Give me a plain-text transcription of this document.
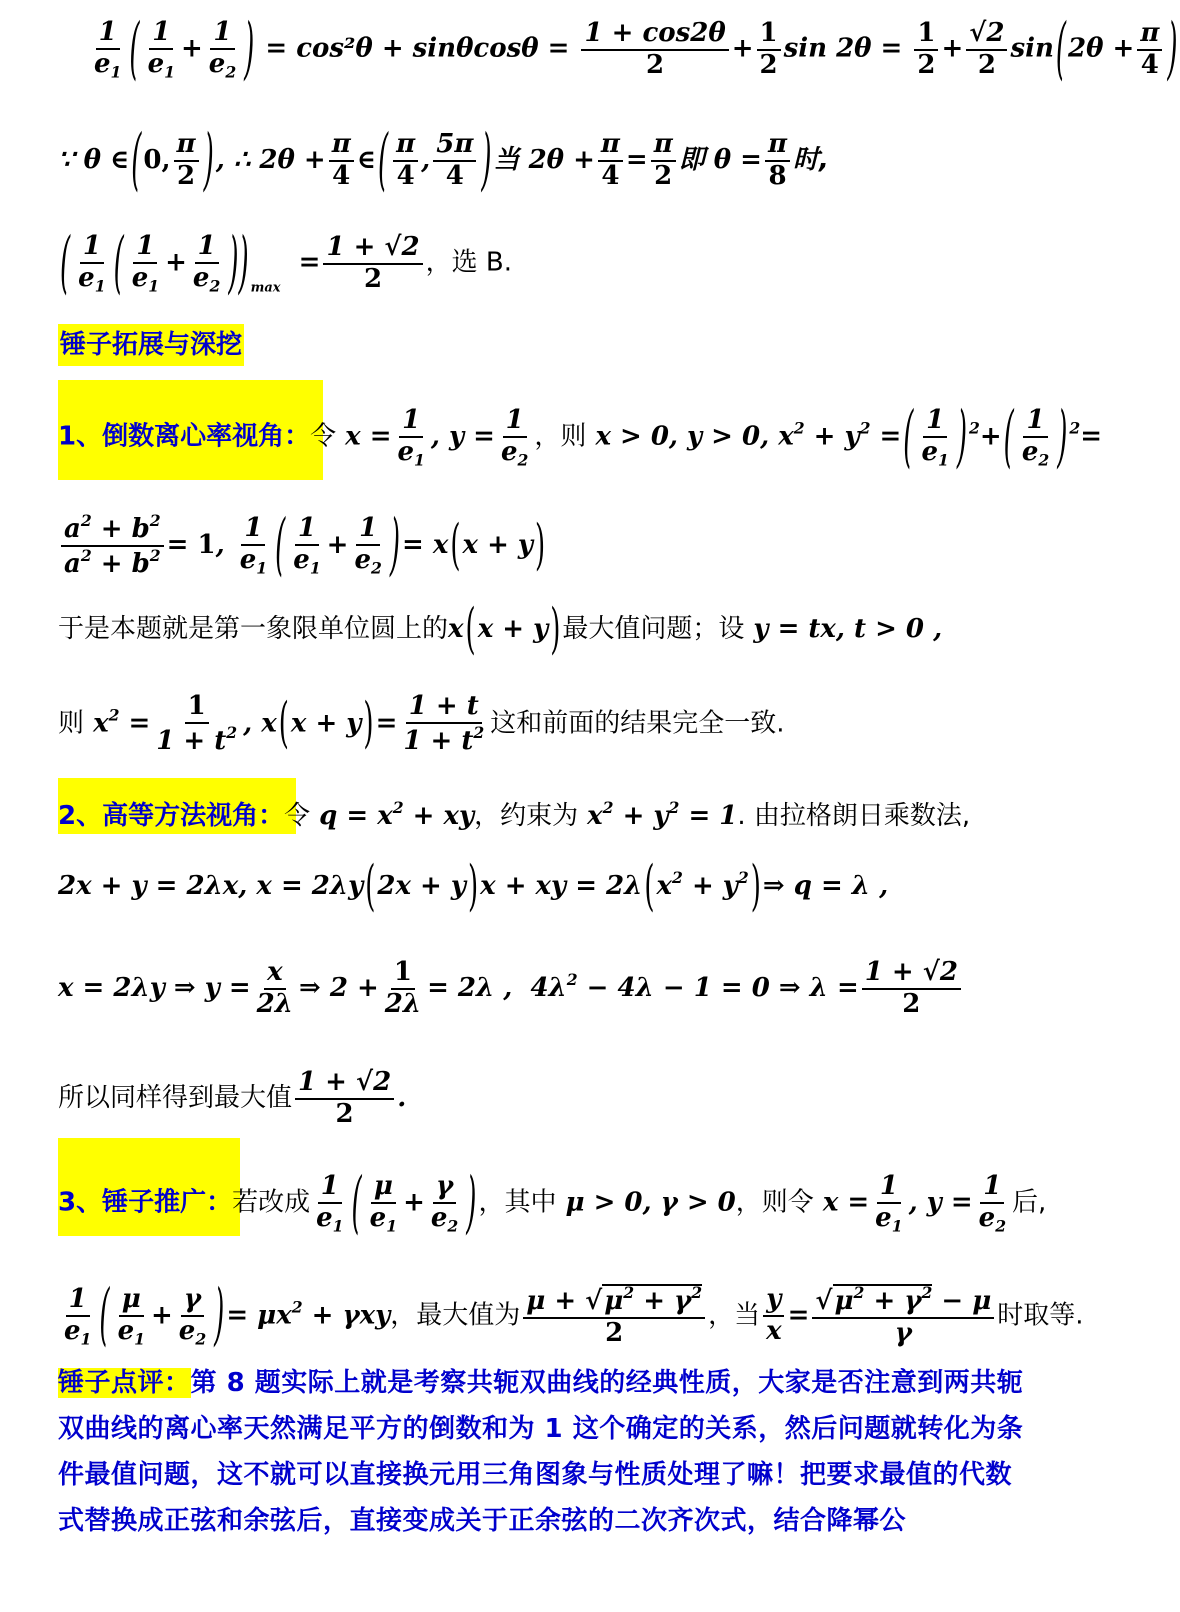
$\frac{1}{e_1}$ ( $\frac{1}{e_1} + \frac{1}{e_2}$ ) = $\cos^2\theta + \sin\theta\cos\theta = \frac{1 + \cos 2\theta}{2} + \frac{1}{2}$ $\sin 2\theta = \frac{1}{2} + \frac{√2}{2} \sin(2\theta + \frac{\pi}{4}$ )
∵ θ ∈(0, $\frac{\pi}{2}$ ), ∴ $2\theta + \frac{\pi}{4}$ ∈( $\frac{\pi}{4}$ , $\frac{5\pi}{4}$ )当 $2\theta + \frac{\pi}{4} = \frac{\pi}{2}$ 即 $\theta = \frac{\pi}{8}$ 时,
( $\frac{1}{e_1}$ ( $\frac{1}{e_1} + \frac{1}{e_2}$ )) $_{max} = \frac{1 + √2}{2}$ ，选 B.
锤子拓展与深挖
1、倒数离心率视角：令 $x = \frac{1}{e_1}$ , $y = \frac{1}{e_2}$ ，则 x > 0, y > 0, $x^2 + y^2$ =( $\frac{1}{e_1}$ ) $^2+( \frac{1}{e_2}$ ) $^2$=
$\frac{a^2 + b^2}{a^2 + b^2} = 1$, $\frac{1}{e_1}$ ( $\frac{1}{e_1} + \frac{1}{e_2}$ )= x(x + y)
于是本题就是第一象限单位圆上的x(x + y)最大值问题；设 y = tx, t > 0 ,
则 $x^2 = \frac{1}{1 + t^2}$ , $x(x + y)= \frac{1 + t}{1 + t^2}$ 这和前面的结果完全一致.
2、高等方法视角：令 $q = x^2$ + xy，约束为 $x^2 + y^2 = 1$. 由拉格朗日乘数法,
2x + y = 2λx, x = 2λy(2x + y)x + xy = $2\lambda(x^2$ + $y^2)\Rightarrow$ q = λ ,
x = 2λy ⇒ $y = \frac{x}{2\lambda}$ ⇒ $2 + \frac{1}{2\lambda} = 2\lambda$ ,  $4\lambda^2 - 4\lambda - 1 = 0$ ⇒ $\lambda = \frac{1 + √2}{2}$
所以同样得到最大值 $\frac{1 + √2}{2}$ .
3、锤子推广：若改成 $\frac{1}{e_1}$ ( $\frac{\mu}{e_1} + \frac{\gamma}{e_2}$ )，其中 μ > 0, γ > 0，则令 $x = \frac{1}{e_1}$ , $y = \frac{1}{e_2}$ 后,
$\frac{1}{e_1}$ ( $\frac{\mu}{e_1} + \frac{\gamma}{e_2}$ )= $\mu x^2 + \gamma xy$，最大值为 $\frac{\mu + √\mu^2 + \gamma^2}{2}$ ，当 $\frac{y}{x} = \frac{√\mu^2 + \gamma^2 - \mu}{\gamma}$ 时取等.
锤子点评：第 8 题实际上就是考察共轭双曲线的经典性质，大家是否注意到两共轭双曲线的离心率天然满足平方的倒数和为 1 这个确定的关系，然后问题就转化为条件最值问题，这不就可以直接换元用三角图象与性质处理了嘛！把要求最值的代数式替换成正弦和余弦后，直接变成关于正余弦的二次齐次式，结合降幂公
